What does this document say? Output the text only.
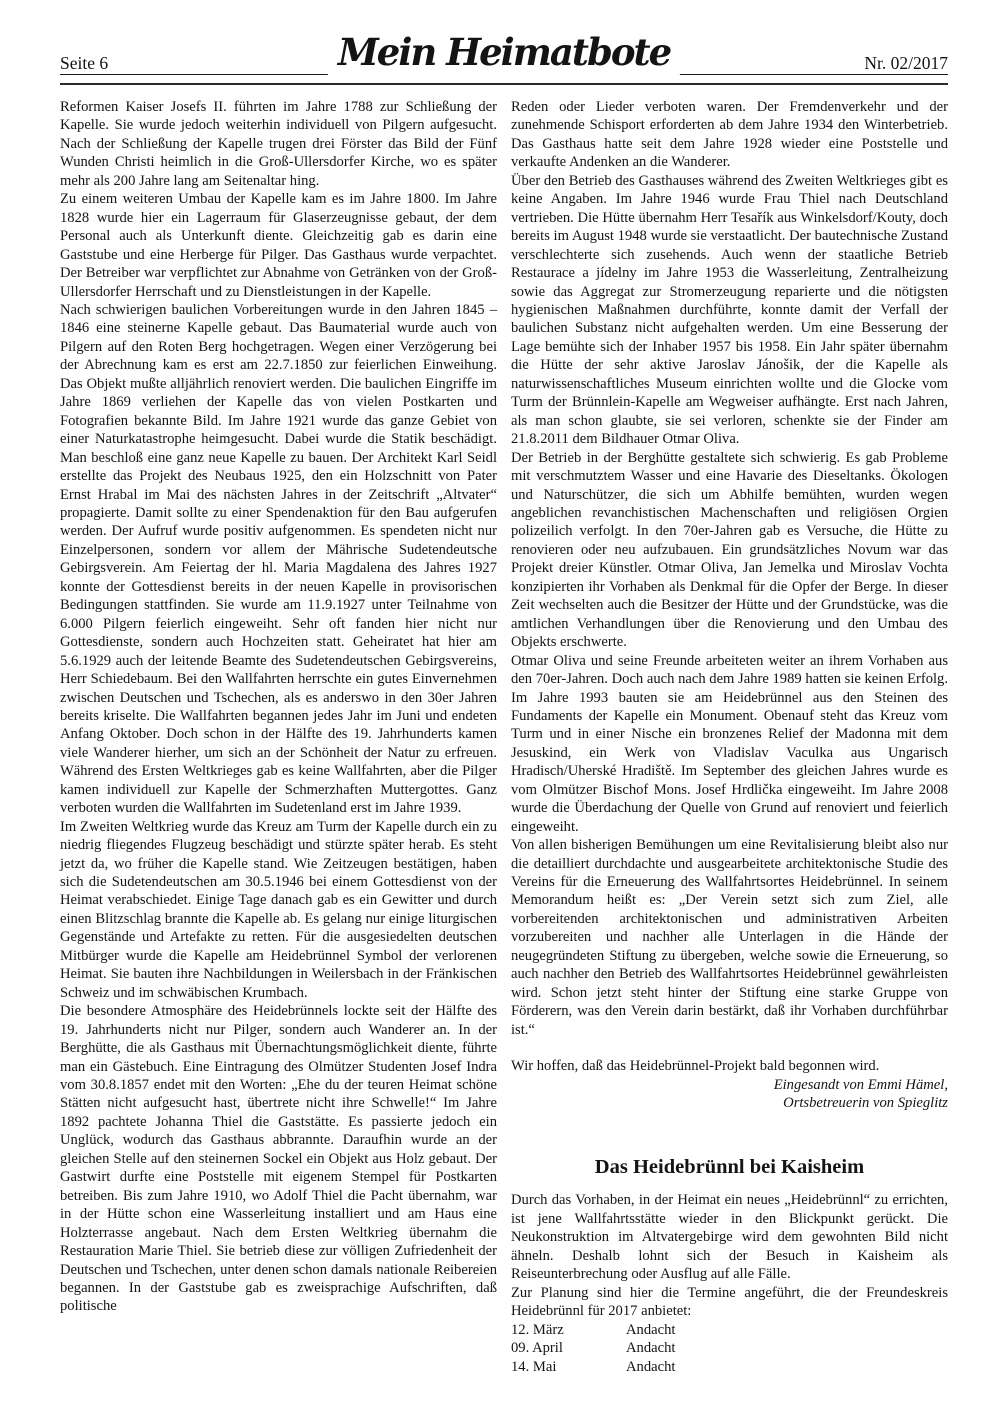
Seite 6	Nr. 02/2017
Mein Heimatbote

Reformen Kaiser Josefs II. führten im Jahre 1788 zur Schließung der Kapelle. Sie wurde jedoch weiterhin individuell von Pilgern aufgesucht. Nach der Schließung der Kapelle trugen drei Förster das Bild der Fünf Wunden Christi heimlich in die Groß-Ullersdorfer Kirche, wo es später mehr als 200 Jahre lang am Seitenaltar hing.

Zu einem weiteren Umbau der Kapelle kam es im Jahre 1800. Im Jahre 1828 wurde hier ein Lagerraum für Glaserzeugnisse gebaut, der dem Personal auch als Unterkunft diente. Gleichzeitig gab es darin eine Gaststube und eine Herberge für Pilger. Das Gasthaus wurde verpachtet. Der Betreiber war verpflichtet zur Abnahme von Getränken von der Groß-Ullersdorfer Herrschaft und zu Dienstleistungen in der Kapelle.

Nach schwierigen baulichen Vorbereitungen wurde in den Jahren 1845 – 1846 eine steinerne Kapelle gebaut. Das Baumaterial wurde auch von Pilgern auf den Roten Berg hochgetragen. Wegen einer Verzögerung bei der Abrechnung kam es erst am 22.7.1850 zur feierlichen Einweihung. Das Objekt mußte alljährlich renoviert werden. Die baulichen Eingriffe im Jahre 1869 verliehen der Kapelle das von vielen Postkarten und Fotografien bekannte Bild. Im Jahre 1921 wurde das ganze Gebiet von einer Naturkatastrophe heimgesucht. Dabei wurde die Statik beschädigt. Man beschloß eine ganz neue Kapelle zu bauen. Der Architekt Karl Seidl erstellte das Projekt des Neubaus 1925, den ein Holzschnitt von Pater Ernst Hrabal im Mai des nächsten Jahres in der Zeitschrift „Altvater“ propagierte. Damit sollte zu einer Spendenaktion für den Bau aufgerufen werden. Der Aufruf wurde positiv aufgenommen. Es spendeten nicht nur Einzelpersonen, sondern vor allem der Mährische Sudetendeutsche Gebirgsverein. Am Feiertag der hl. Maria Magdalena des Jahres 1927 konnte der Gottesdienst bereits in der neuen Kapelle in provisorischen Bedingungen stattfinden. Sie wurde am 11.9.1927 unter Teilnahme von 6.000 Pilgern feierlich eingeweiht. Sehr oft fanden hier nicht nur Gottesdienste, sondern auch Hochzeiten statt. Geheiratet hat hier am 5.6.1929 auch der leitende Beamte des Sudetendeutschen Gebirgsvereins, Herr Schiedebaum. Bei den Wallfahrten herrschte ein gutes Einvernehmen zwischen Deutschen und Tschechen, als es anderswo in den 30er Jahren bereits kriselte. Die Wallfahrten begannen jedes Jahr im Juni und endeten Anfang Oktober. Doch schon in der Hälfte des 19. Jahrhunderts kamen viele Wanderer hierher, um sich an der Schönheit der Natur zu erfreuen. Während des Ersten Weltkrieges gab es keine Wallfahrten, aber die Pilger kamen individuell zur Kapelle der Schmerzhaften Muttergottes. Ganz verboten wurden die Wallfahrten im Sudetenland erst im Jahre 1939.

Im Zweiten Weltkrieg wurde das Kreuz am Turm der Kapelle durch ein zu niedrig fliegendes Flugzeug beschädigt und stürzte später herab. Es steht jetzt da, wo früher die Kapelle stand. Wie Zeitzeugen bestätigen, haben sich die Sudetendeutschen am 30.5.1946 bei einem Gottesdienst von der Heimat verabschiedet. Einige Tage danach gab es ein Gewitter und durch einen Blitzschlag brannte die Kapelle ab. Es gelang nur einige liturgischen Gegenstände und Artefakte zu retten. Für die ausgesiedelten deutschen Mitbürger wurde die Kapelle am Heidebrünnel Symbol der verlorenen Heimat. Sie bauten ihre Nachbildungen in Weilersbach in der Fränkischen Schweiz und im schwäbischen Krumbach.

Die besondere Atmosphäre des Heidebrünnels lockte seit der Hälfte des 19. Jahrhunderts nicht nur Pilger, sondern auch Wanderer an. In der Berghütte, die als Gasthaus mit Übernachtungsmöglichkeit diente, führte man ein Gästebuch. Eine Eintragung des Olmützer Studenten Josef Indra vom 30.8.1857 endet mit den Worten: „Ehe du der teuren Heimat schöne Stätten nicht aufgesucht hast, übertrete nicht ihre Schwelle!“ Im Jahre 1892 pachtete Johanna Thiel die Gaststätte. Es passierte jedoch ein Unglück, wodurch das Gasthaus abbrannte. Daraufhin wurde an der gleichen Stelle auf den steinernen Sockel ein Objekt aus Holz gebaut. Der Gastwirt durfte eine Poststelle mit eigenem Stempel für Postkarten betreiben. Bis zum Jahre 1910, wo Adolf Thiel die Pacht übernahm, war in der Hütte schon eine Wasserleitung installiert und am Haus eine Holzterrasse angebaut. Nach dem Ersten Weltkrieg übernahm die Restauration Marie Thiel. Sie betrieb diese zur völligen Zufriedenheit der Deutschen und Tschechen, unter denen schon damals nationale Reibereien begannen. In der Gaststube gab es zweisprachige Aufschriften, daß politische

Reden oder Lieder verboten waren. Der Fremdenverkehr und der zunehmende Schisport erforderten ab dem Jahre 1934 den Winterbetrieb. Das Gasthaus hatte seit dem Jahre 1928 wieder eine Poststelle und verkaufte Andenken an die Wanderer.

Über den Betrieb des Gasthauses während des Zweiten Weltkrieges gibt es keine Angaben. Im Jahre 1946 wurde Frau Thiel nach Deutschland vertrieben. Die Hütte übernahm Herr Tesařík aus Winkelsdorf/Kouty, doch bereits im August 1948 wurde sie verstaatlicht. Der bautechnische Zustand verschlechterte sich zusehends. Auch wenn der staatliche Betrieb Restaurace a jídelny im Jahre 1953 die Wasserleitung, Zentralheizung sowie das Aggregat zur Stromerzeugung reparierte und die nötigsten hygienischen Maßnahmen durchführte, konnte damit der Verfall der baulichen Substanz nicht aufgehalten werden. Um eine Besserung der Lage bemühte sich der Inhaber 1957 bis 1958. Ein Jahr später übernahm die Hütte der sehr aktive Jaroslav Jánošik, der die Kapelle als naturwissenschaftliches Museum einrichten wollte und die Glocke vom Turm der Brünnlein-Kapelle am Wegweiser aufhängte. Erst nach Jahren, als man schon glaubte, sie sei verloren, schenkte sie der Finder am 21.8.2011 dem Bildhauer Otmar Oliva.

Der Betrieb in der Berghütte gestaltete sich schwierig. Es gab Probleme mit verschmutztem Wasser und eine Havarie des Dieseltanks. Ökologen und Naturschützer, die sich um Abhilfe bemühten, wurden wegen angeblichen revanchistischen Machenschaften und religiösen Orgien polizeilich verfolgt. In den 70er-Jahren gab es Versuche, die Hütte zu renovieren oder neu aufzubauen. Ein grundsätzliches Novum war das Projekt dreier Künstler. Otmar Oliva, Jan Jemelka und Miroslav Vochta konzipierten ihr Vorhaben als Denkmal für die Opfer der Berge. In dieser Zeit wechselten auch die Besitzer der Hütte und der Grundstücke, was die amtlichen Verhandlungen über die Renovierung und den Umbau des Objekts erschwerte.

Otmar Oliva und seine Freunde arbeiteten weiter an ihrem Vorhaben aus den 70er-Jahren. Doch auch nach dem Jahre 1989 hatten sie keinen Erfolg. Im Jahre 1993 bauten sie am Heidebrünnel aus den Steinen des Fundaments der Kapelle ein Monument. Obenauf steht das Kreuz vom Turm und in einer Nische ein bronzenes Relief der Madonna mit dem Jesuskind, ein Werk von Vladislav Vaculka aus Ungarisch Hradisch/Uherské Hradiště. Im September des gleichen Jahres wurde es vom Olmützer Bischof Mons. Josef Hrdlička eingeweiht. Im Jahre 2008 wurde die Überdachung der Quelle von Grund auf renoviert und feierlich eingeweiht.

Von allen bisherigen Bemühungen um eine Revitalisierung bleibt also nur die detailliert durchdachte und ausgearbeitete architektonische Studie des Vereins für die Erneuerung des Wallfahrtsortes Heidebrünnel. In seinem Memorandum heißt es: „Der Verein setzt sich zum Ziel, alle vorbereitenden architektonischen und administrativen Arbeiten vorzubereiten und nachher alle Unterlagen in die Hände der neugegründeten Stiftung zu übergeben, welche sowie die Erneuerung, so auch nachher den Betrieb des Wallfahrtsortes Heidebrünnel gewährleisten wird. Schon jetzt steht hinter der Stiftung eine starke Gruppe von Förderern, was den Verein darin bestärkt, daß ihr Vorhaben durchführbar ist.“

Wir hoffen, daß das Heidebrünnel-Projekt bald begonnen wird.

Eingesandt von Emmi Hämel,
Ortsbetreuerin von Spieglitz
Das Heidebrünnl bei Kaisheim

Durch das Vorhaben, in der Heimat ein neues „Heidebrünnl“ zu errichten, ist jene Wallfahrtsstätte wieder in den Blickpunkt gerückt. Die Neukonstruktion im Altvatergebirge wird dem gewohnten Bild nicht ähneln. Deshalb lohnt sich der Besuch in Kaisheim als Reiseunterbrechung oder Ausflug auf alle Fälle.

Zur Planung sind hier die Termine angeführt, die der Freundeskreis Heidebrünnl für 2017 anbietet:

12. März	Andacht
09. April	Andacht
14. Mai	Andacht
